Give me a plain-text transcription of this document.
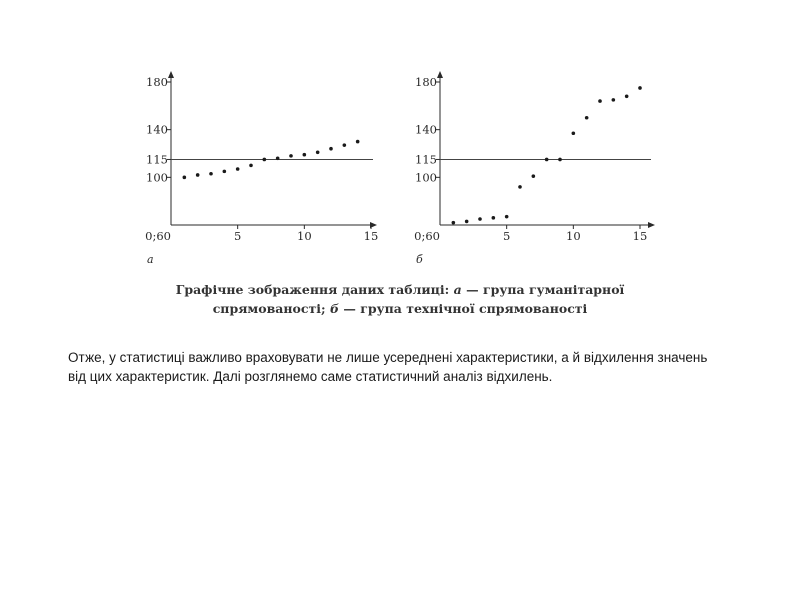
100
115
140
180
5	10	15
0;60
а
100
115
140
180
5	10	15
0;60
б
Графічне зображення даних таблиці: а — група гуманітарної спрямованості; б — група технічної спрямованості

Отже, у статистиці важливо враховувати не лише усереднені характеристики, а й відхилення значень від цих характеристик. Далі розглянемо саме статистичний аналіз відхилень.
